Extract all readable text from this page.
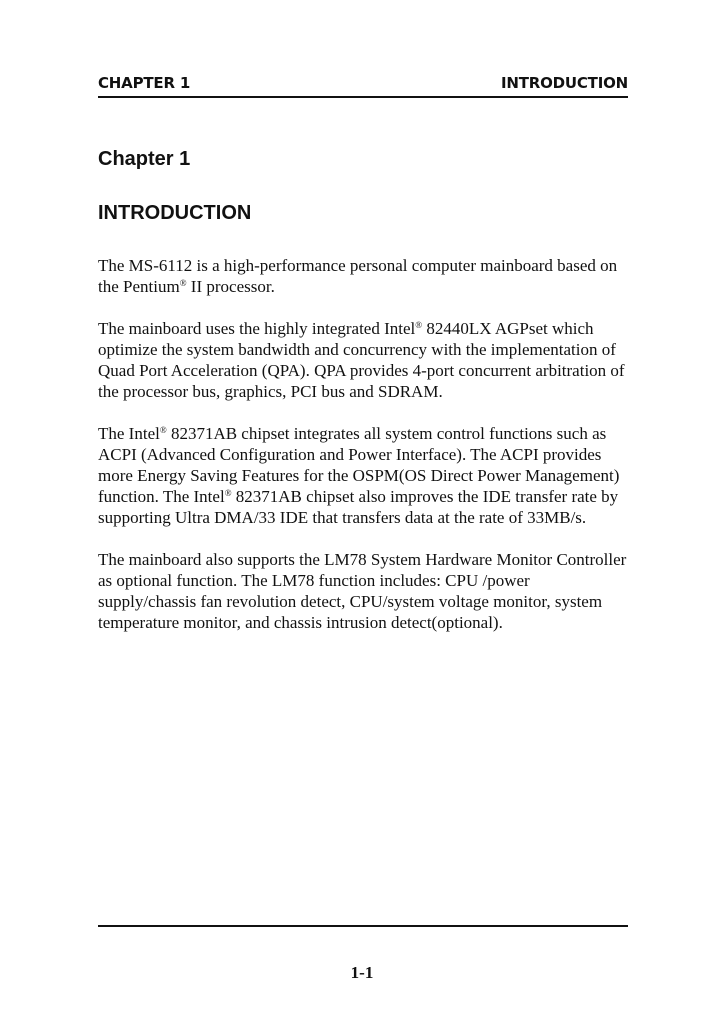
CHAPTER 1	INTRODUCTION
Chapter 1
INTRODUCTION

The MS-6112 is a high-performance personal computer mainboard based on the Pentium® II processor.

The mainboard uses the highly integrated Intel® 82440LX AGPset which optimize the system bandwidth and concurrency with the implementation of Quad Port Acceleration (QPA). QPA provides 4-port concurrent arbitration of the processor bus, graphics, PCI bus and SDRAM.

The Intel® 82371AB chipset integrates all system control functions such as ACPI (Advanced Configuration and Power Interface). The ACPI provides more Energy Saving Features for the OSPM(OS Direct Power Management) function. The Intel® 82371AB chipset also improves the IDE transfer rate by supporting Ultra DMA/33 IDE that transfers data at the rate of 33MB/s.

The mainboard also supports the LM78 System Hardware Monitor Controller as optional function. The LM78 function includes: CPU /power supply/chassis fan revolution detect, CPU/system voltage monitor, system temperature monitor, and chassis intrusion detect(optional).

1-1
